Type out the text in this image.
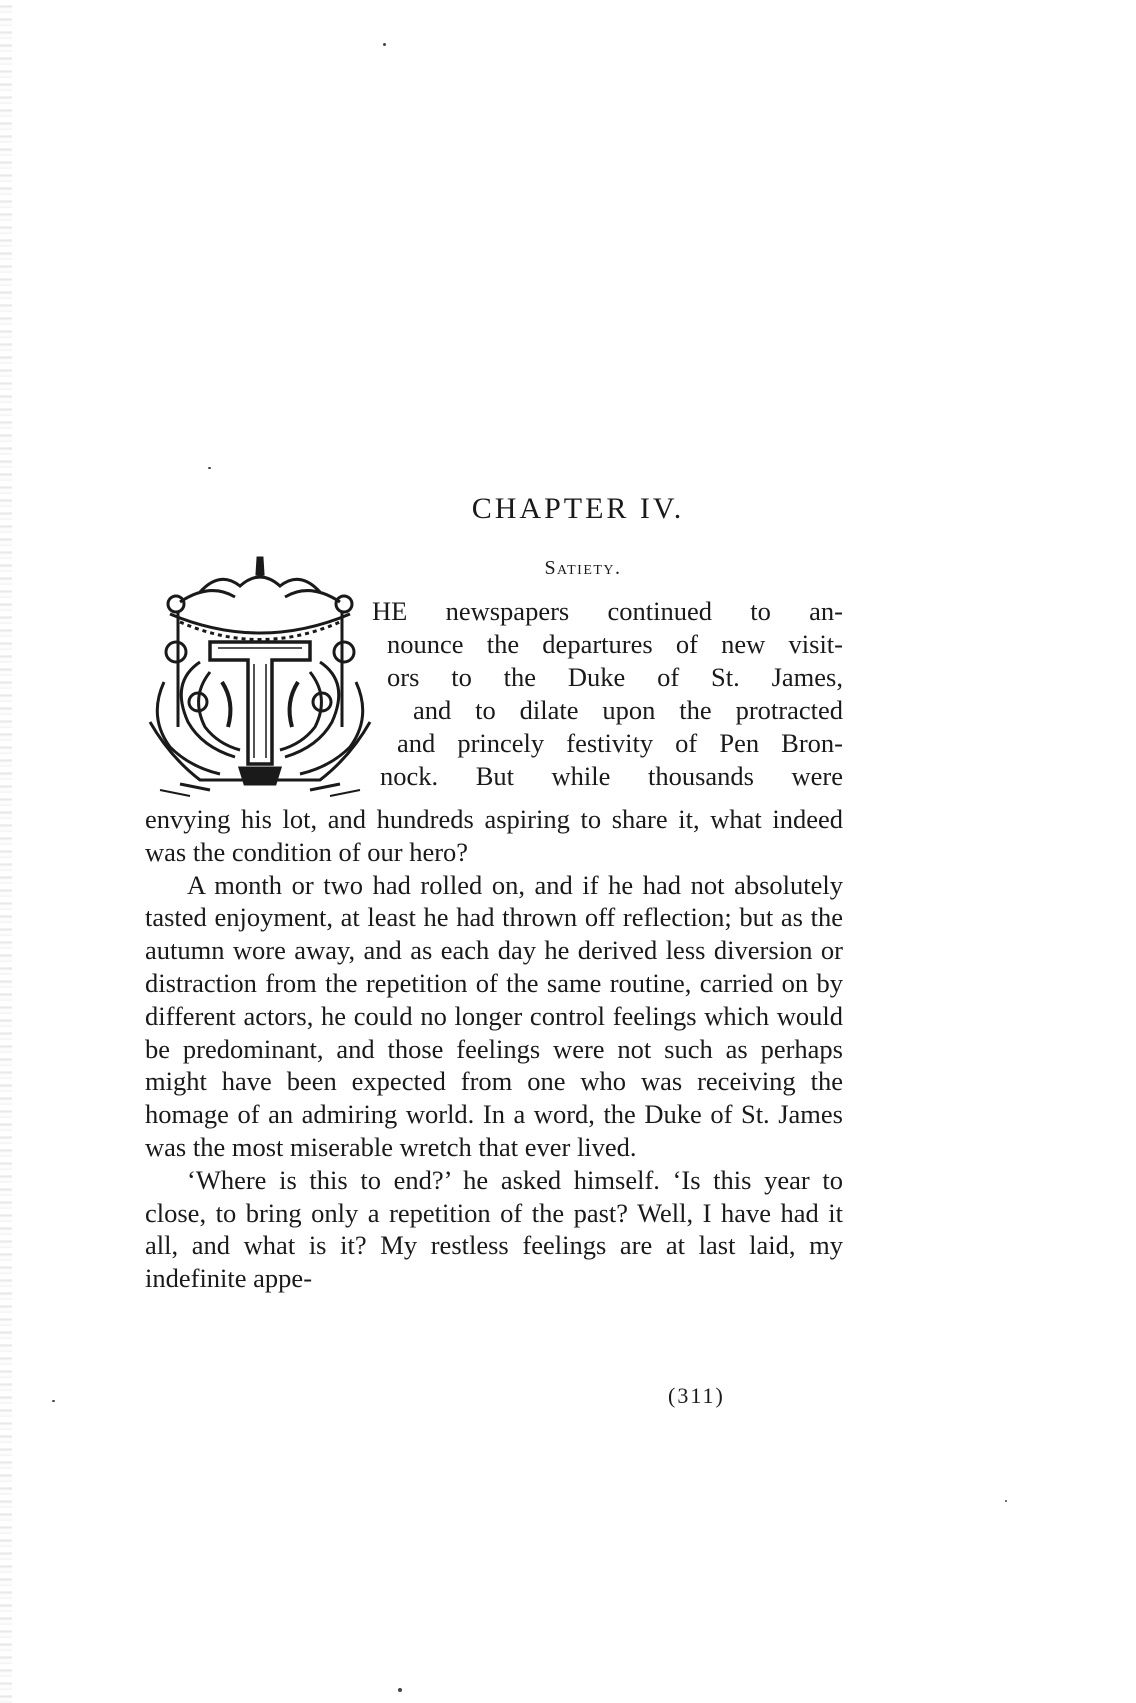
CHAPTER IV.
Satiety.
HE newspapers continued to an-
nounce the departures of new visit-
ors to the Duke of St. James,
and to dilate upon the protracted
and princely festivity of Pen Bron-
nock. But while thousands were

envying his lot, and hundreds aspiring to share it, what indeed was the condition of our hero?

A month or two had rolled on, and if he had not absolutely tasted enjoyment, at least he had thrown off reflection; but as the autumn wore away, and as each day he derived less diversion or distraction from the repetition of the same routine, carried on by different actors, he could no longer control feelings which would be predominant, and those feelings were not such as perhaps might have been expected from one who was receiving the homage of an admiring world. In a word, the Duke of St. James was the most miserable wretch that ever lived.

‘Where is this to end?’ he asked himself. ‘Is this year to close, to bring only a repetition of the past? Well, I have had it all, and what is it? My restless feelings are at last laid, my indefinite appe-

(311)
